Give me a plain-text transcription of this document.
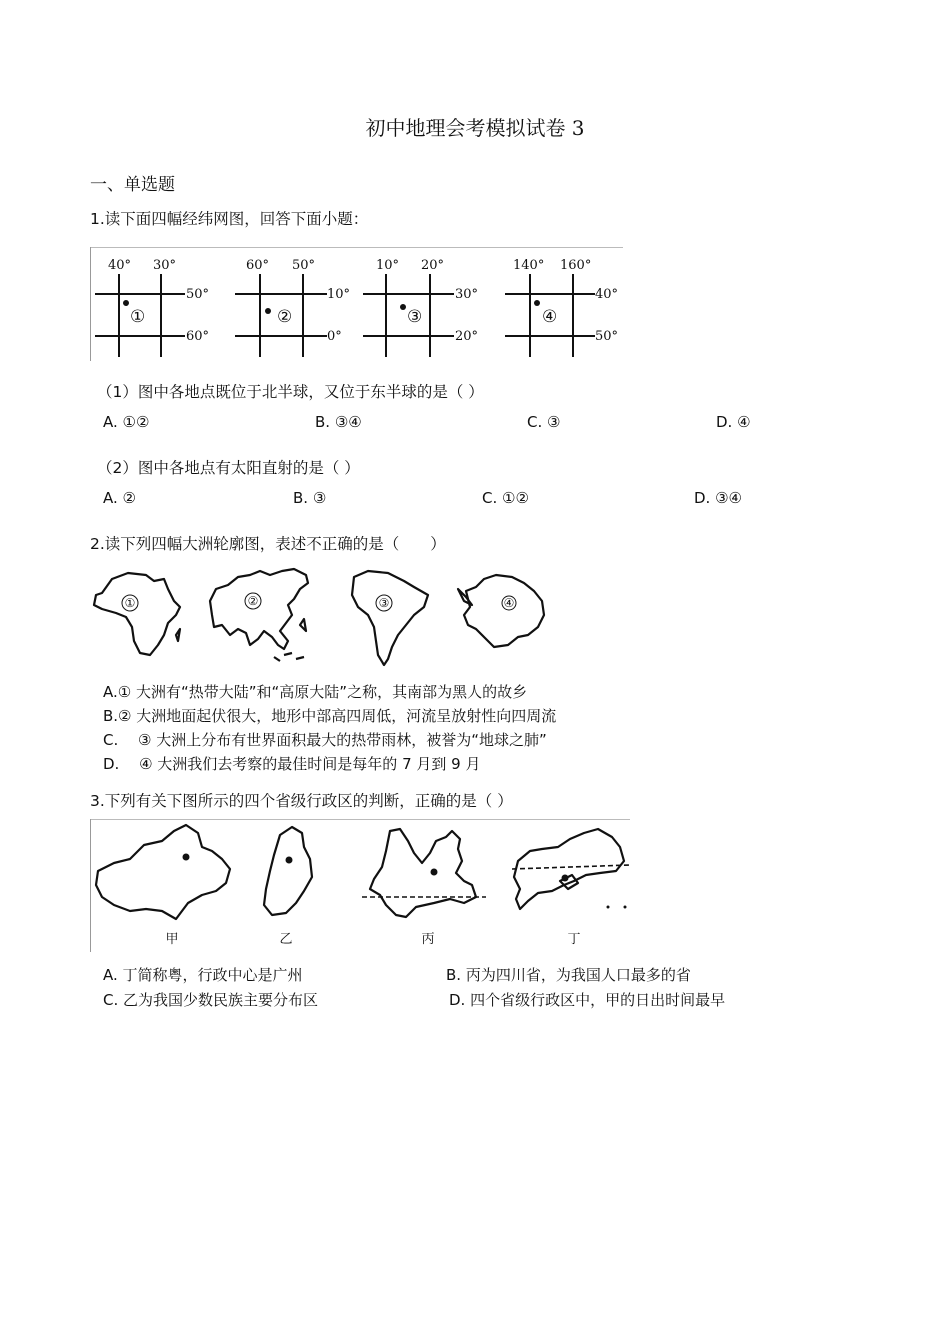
初中地理会考模拟试卷 3
一、单选题
1.读下面四幅经纬网图，回答下面小题：
40° 30°
50°
60°
①
60° 50°
10°
0°
②
10° 20°
30°
20°
③
140° 160°
40°
50°
④
（1）图中各地点既位于北半球，又位于东半球的是（ ）
A. ①②	B. ③④	C. ③	D. ④
（2）图中各地点有太阳直射的是（ ）
A. ②	B. ③	C. ①②	D. ③④
2.读下列四幅大洲轮廓图，表述不正确的是（　　）
①	②	③	④
A.① 大洲有“热带大陆”和“高原大陆”之称，其南部为黑人的故乡
B.② 大洲地面起伏很大，地形中部高四周低，河流呈放射性向四周流
C.　 ③ 大洲上分布有世界面积最大的热带雨林，被誉为“地球之肺”
D.　 ④ 大洲我们去考察的最佳时间是每年的 7 月到 9 月
3.下列有关下图所示的四个省级行政区的判断，正确的是（ ）
甲	乙	丙	丁
A. 丁简称粤，行政中心是广州	B. 丙为四川省，为我国人口最多的省
C. 乙为我国少数民族主要分布区	D. 四个省级行政区中，甲的日出时间最早
